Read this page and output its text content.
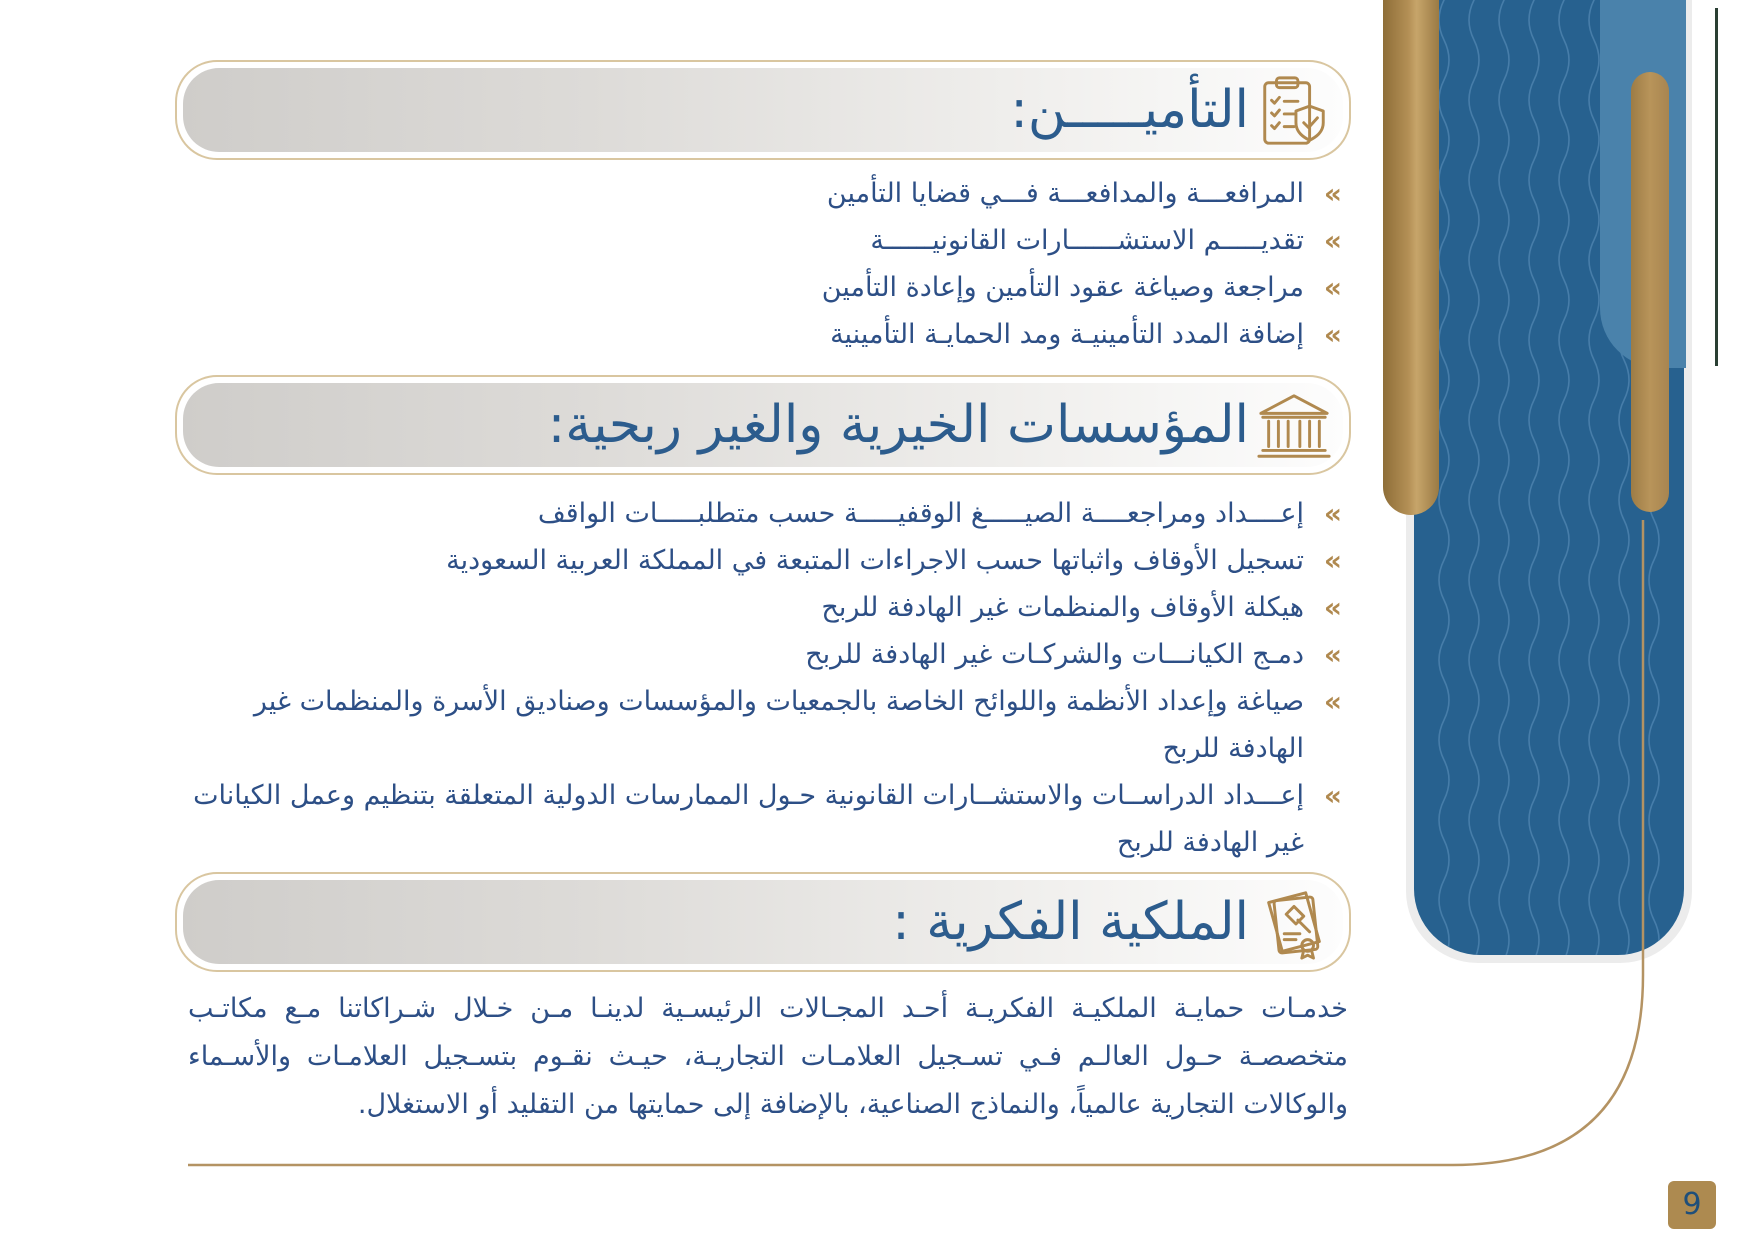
التأميـــــن:
»
المرافعـــة والمدافعـــة فـــي قضايا التأمين
»
تقديـــــم الاستشــــــارات القانونيــــــة
»
مراجعة وصياغة عقود التأمين وإعادة التأمين
»
إضافة المدد التأمينيـة ومد الحمايـة التأمينية
المؤسسات الخيرية والغير ربحية:
»
إعــــداد ومراجعــــة الصيـــــغ الوقفيـــــة حسب متطلبـــــات الواقف
»
تسجيل الأوقاف واثباتها حسب الاجراءات المتبعة في المملكة العربية السعودية
»
هيكلة الأوقاف والمنظمات غير الهادفة للربح
»
دمـج الكيانـــات والشركـات غير الهادفة للربح
»
صياغة وإعداد الأنظمة واللوائح الخاصة بالجمعيات والمؤسسات وصناديق الأسرة والمنظمات غير الهادفة للربح
»
إعـــداد الدراســات والاستشــارات القانونية حـول الممارسات الدولية المتعلقة بتنظيم وعمل الكيانات غير الهادفة للربح
الملكية الفكرية :

خدمـات حمايـة الملكيـة الفكريـة أحـد المجـالات الرئيسـية لدينـا مـن خـلال شـراكاتنا مـع مكاتـب متخصصـة حـول العالـم فـي تسـجيل العلامـات التجاريـة، حيـث نقـوم بتسـجيل العلامـات والأسـماء والوكالات التجارية عالمياً، والنماذج الصناعية، بالإضافة إلى حمايتها من التقليد أو الاستغلال.

9
